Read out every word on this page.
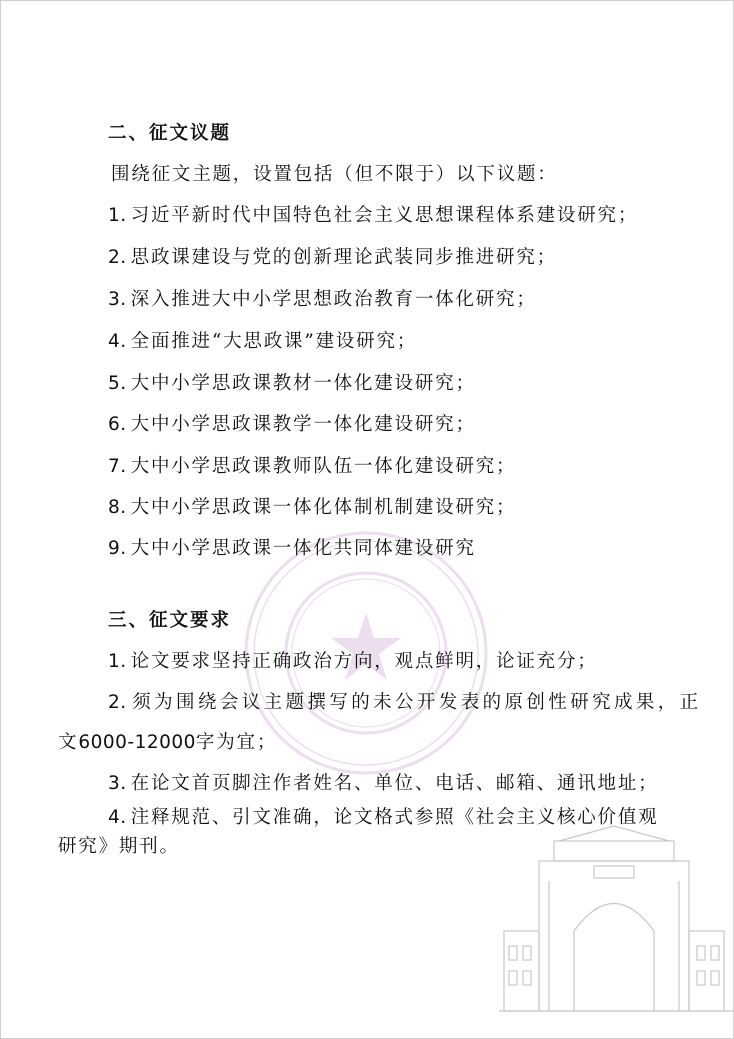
二、征文议题
围绕征文主题，设置包括（但不限于）以下议题：
1. 习近平新时代中国特色社会主义思想课程体系建设研究；
2. 思政课建设与党的创新理论武装同步推进研究；
3. 深入推进大中小学思想政治教育一体化研究；
4. 全面推进“大思政课”建设研究；
5. 大中小学思政课教材一体化建设研究；
6. 大中小学思政课教学一体化建设研究；
7. 大中小学思政课教师队伍一体化建设研究；
8. 大中小学思政课一体化体制机制建设研究；
9. 大中小学思政课一体化共同体建设研究
三、征文要求
1. 论文要求坚持正确政治方向，观点鲜明，论证充分；
2. 须为围绕会议主题撰写的未公开发表的原创性研究成果，正
文6000-12000字为宜；
3. 在论文首页脚注作者姓名、单位、电话、邮箱、通讯地址；
4. 注释规范、引文准确，论文格式参照《社会主义核心价值观
研究》期刊。
